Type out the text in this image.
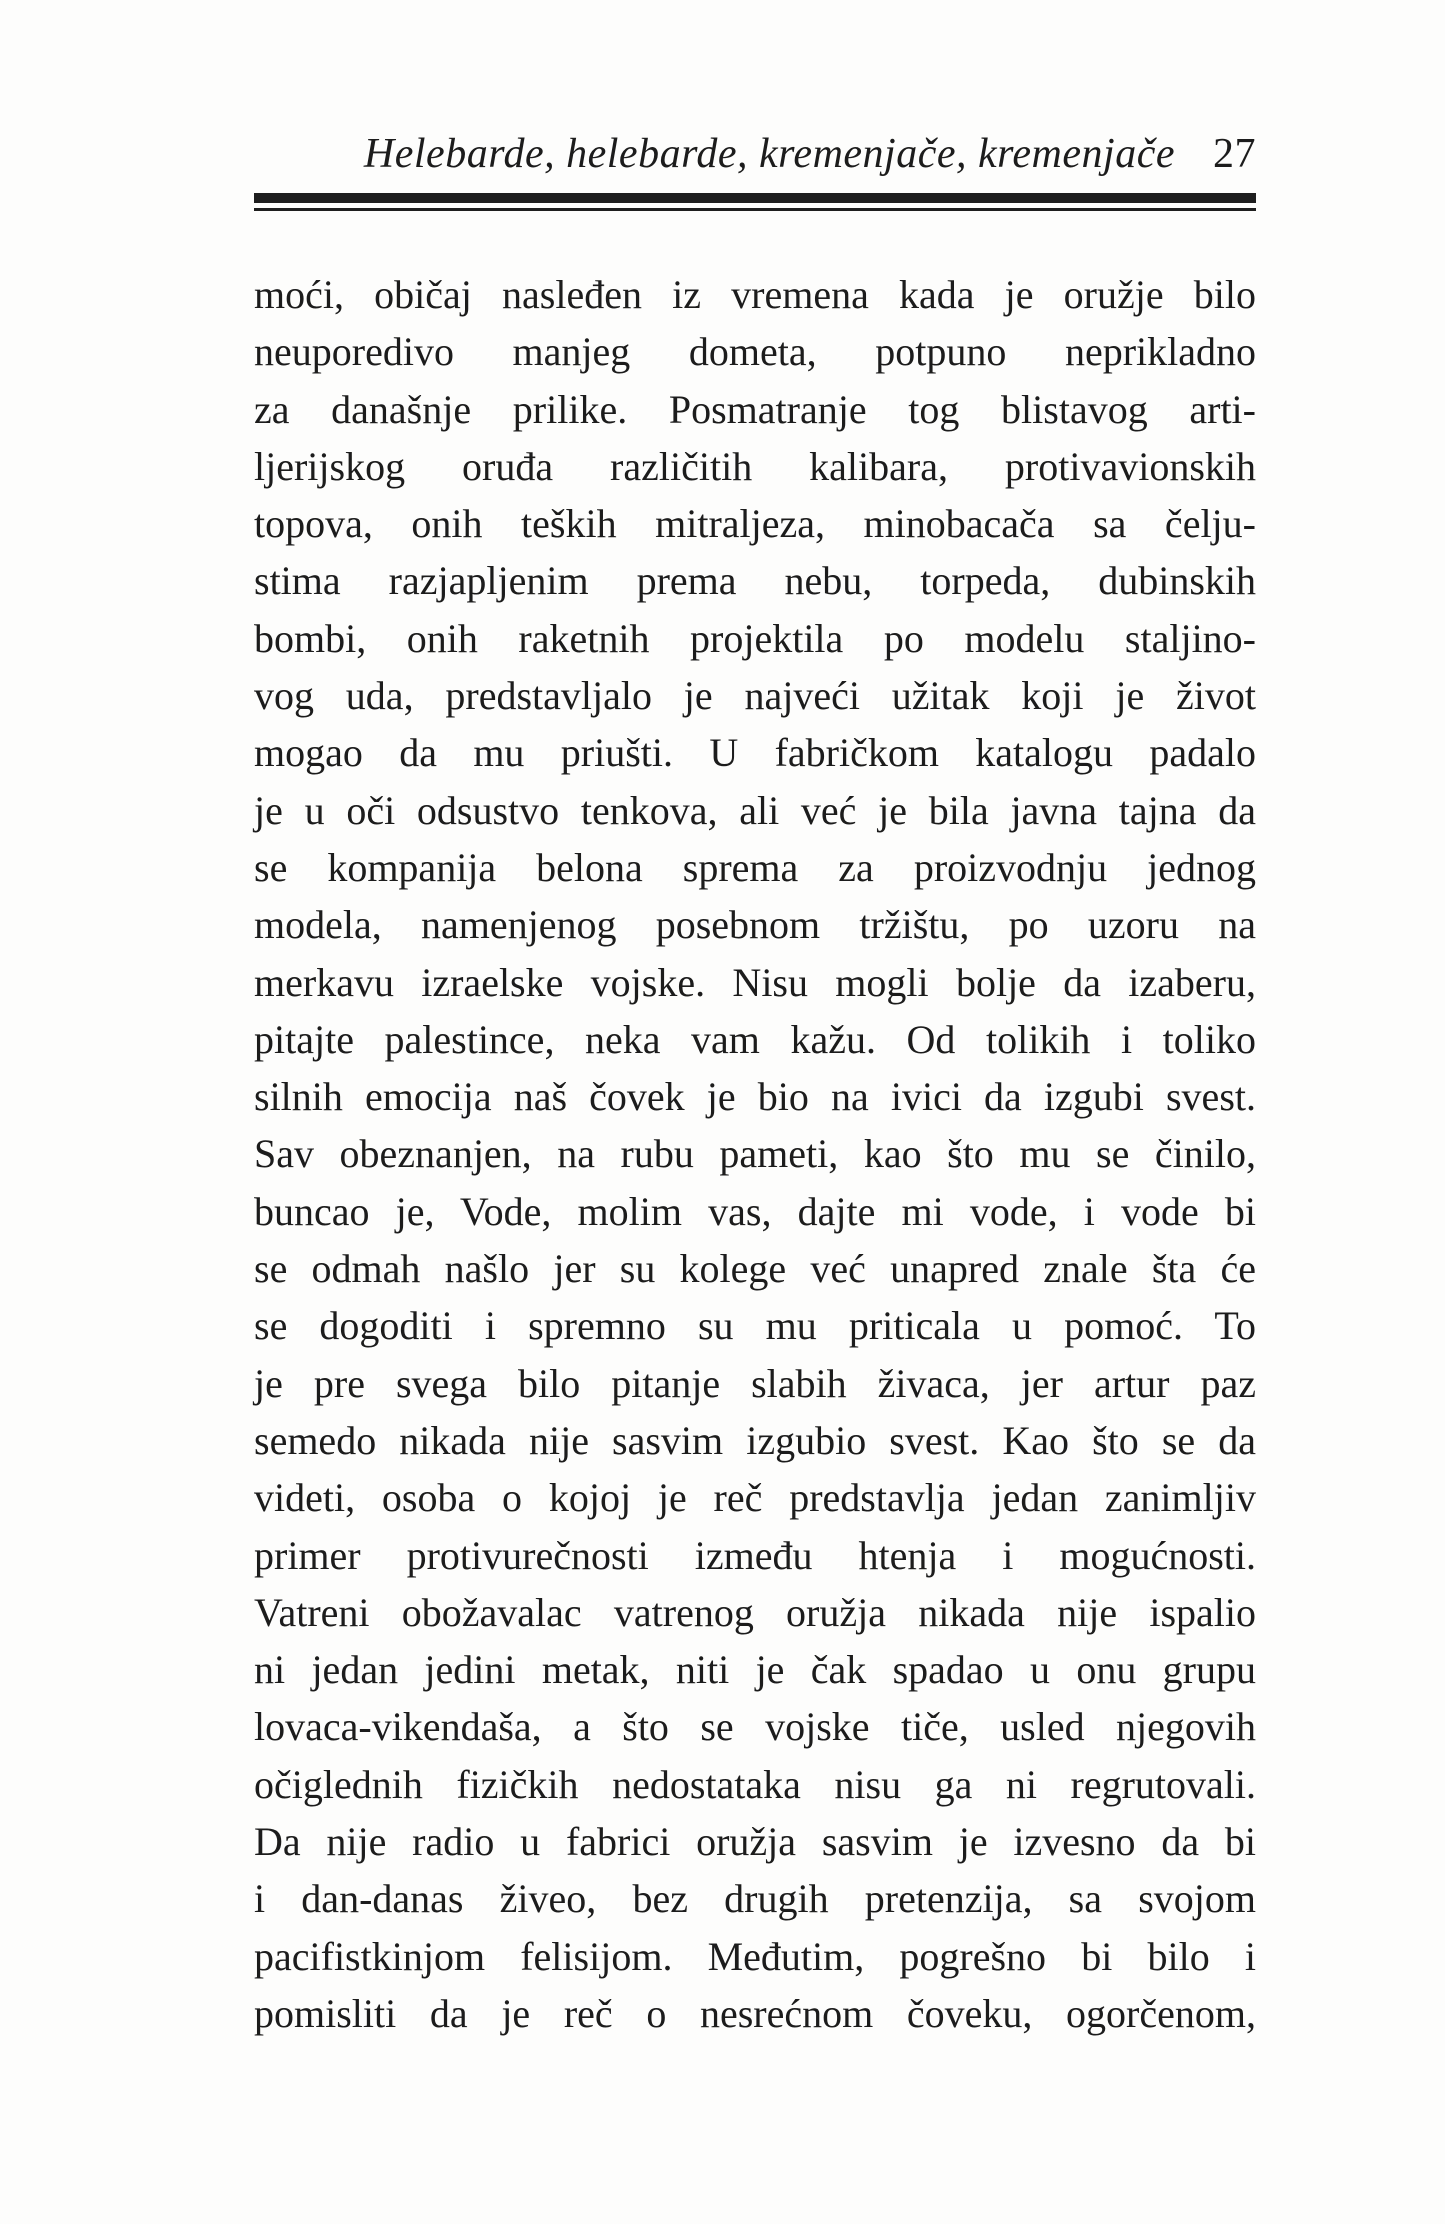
Helebarde, helebarde, kremenjače, kremenjače 27
moći, običaj nasleđen iz vremena kada je oružje bilo
neuporedivo manjeg dometa, potpuno neprikladno
za današnje prilike. Posmatranje tog blistavog arti-
ljerijskog oruđa različitih kalibara, protivavionskih
topova, onih teških mitraljeza, minobacača sa čelju-
stima razjapljenim prema nebu, torpeda, dubinskih
bombi, onih raketnih projektila po modelu staljino-
vog uda, predstavljalo je najveći užitak koji je život
mogao da mu priušti. U fabričkom katalogu padalo
je u oči odsustvo tenkova, ali već je bila javna tajna da
se kompanija belona sprema za proizvodnju jednog
modela, namenjenog posebnom tržištu, po uzoru na
merkavu izraelske vojske. Nisu mogli bolje da izaberu,
pitajte palestince, neka vam kažu. Od tolikih i toliko
silnih emocija naš čovek je bio na ivici da izgubi svest.
Sav obeznanjen, na rubu pameti, kao što mu se činilo,
buncao je, Vode, molim vas, dajte mi vode, i vode bi
se odmah našlo jer su kolege već unapred znale šta će
se dogoditi i spremno su mu priticala u pomoć. To
je pre svega bilo pitanje slabih živaca, jer artur paz
semedo nikada nije sasvim izgubio svest. Kao što se da
videti, osoba o kojoj je reč predstavlja jedan zanimljiv
primer protivurečnosti između htenja i mogućnosti.
Vatreni obožavalac vatrenog oružja nikada nije ispalio
ni jedan jedini metak, niti je čak spadao u onu grupu
lovaca-vikendaša, a što se vojske tiče, usled njegovih
očiglednih fizičkih nedostataka nisu ga ni regrutovali.
Da nije radio u fabrici oružja sasvim je izvesno da bi
i dan-danas živeo, bez drugih pretenzija, sa svojom
pacifistkinjom felisijom. Međutim, pogrešno bi bilo i
pomisliti da je reč o nesrećnom čoveku, ogorčenom,
